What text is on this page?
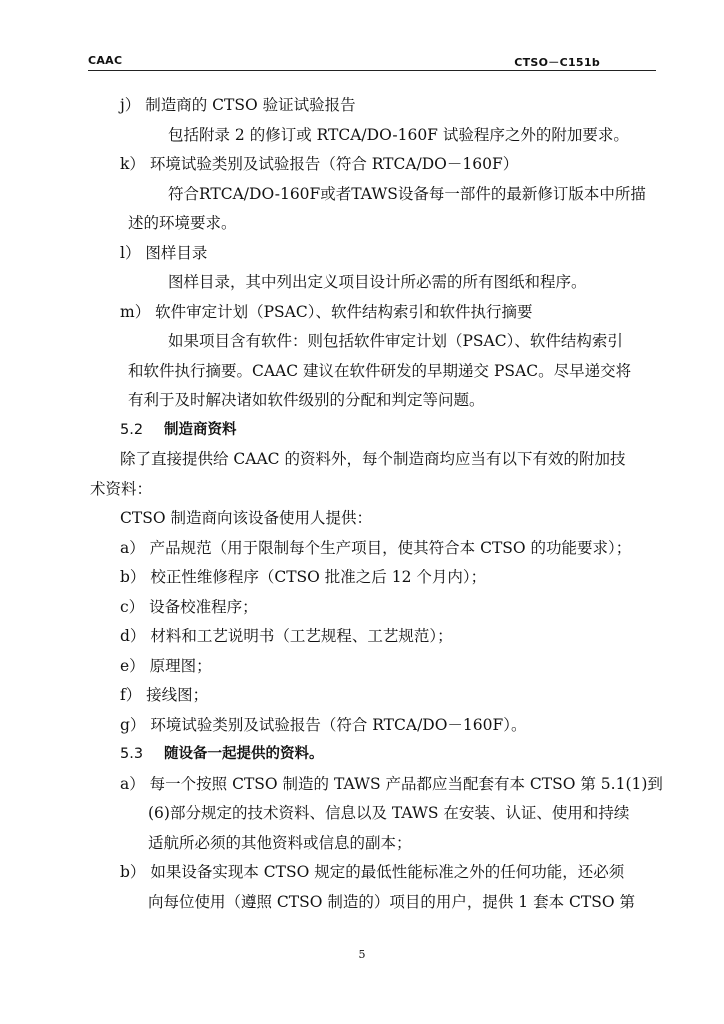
CAAC	CTSO－C151b
j） 制造商的 CTSO 验证试验报告
包括附录 2 的修订或 RTCA/DO-160F 试验程序之外的附加要求。
k） 环境试验类别及试验报告（符合 RTCA/DO－160F）
符合RTCA/DO-160F或者TAWS设备每一部件的最新修订版本中所描
述的环境要求。
l） 图样目录
图样目录，其中列出定义项目设计所必需的所有图纸和程序。
m） 软件审定计划（PSAC）、软件结构索引和软件执行摘要
如果项目含有软件：则包括软件审定计划（PSAC）、软件结构索引
和软件执行摘要。CAAC 建议在软件研发的早期递交 PSAC。尽早递交将
有利于及时解决诸如软件级别的分配和判定等问题。
5.2 制造商资料
除了直接提供给 CAAC 的资料外，每个制造商均应当有以下有效的附加技
术资料：
CTSO 制造商向该设备使用人提供：
a） 产品规范（用于限制每个生产项目，使其符合本 CTSO 的功能要求）；
b） 校正性维修程序（CTSO 批准之后 12 个月内）；
c） 设备校准程序；
d） 材料和工艺说明书（工艺规程、工艺规范）；
e） 原理图；
f） 接线图；
g） 环境试验类别及试验报告（符合 RTCA/DO－160F）。
5.3 随设备一起提供的资料。
a） 每一个按照 CTSO 制造的 TAWS 产品都应当配套有本 CTSO 第 5.1(1)到
(6)部分规定的技术资料、信息以及 TAWS 在安装、认证、使用和持续
适航所必须的其他资料或信息的副本；
b） 如果设备实现本 CTSO 规定的最低性能标准之外的任何功能，还必须
向每位使用（遵照 CTSO 制造的）项目的用户，提供 1 套本 CTSO 第
5
